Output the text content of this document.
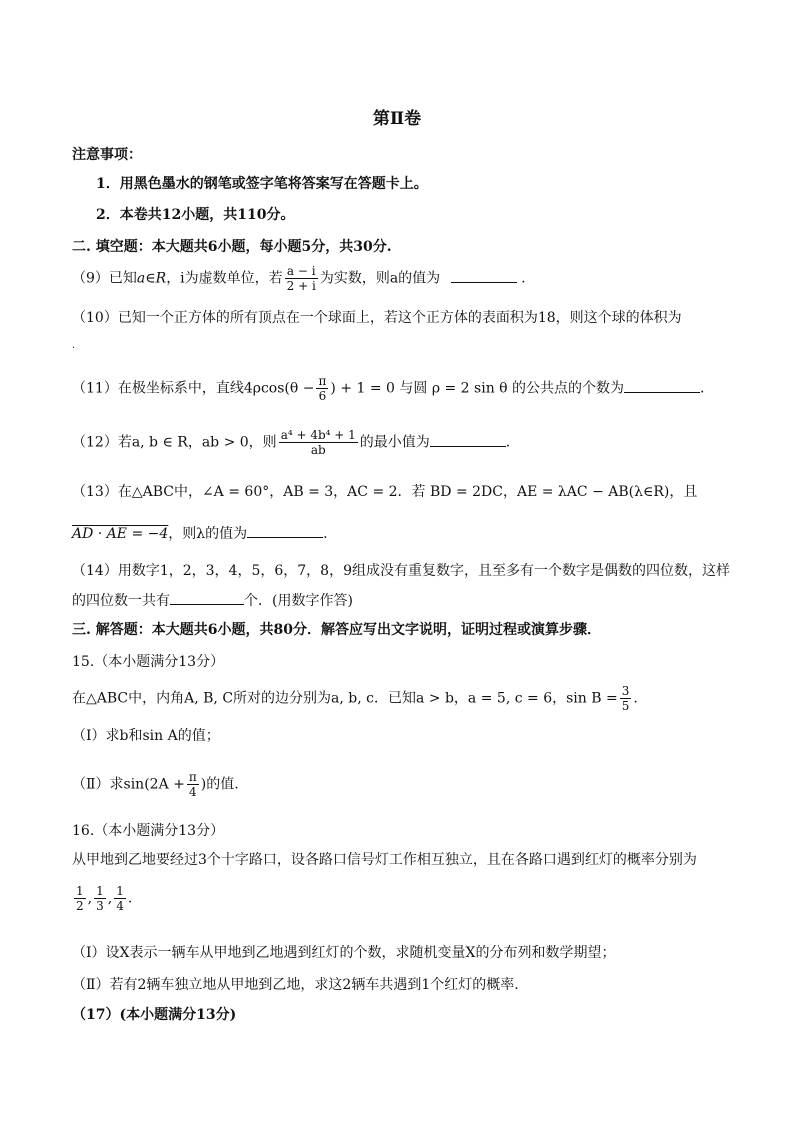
第Ⅱ卷
注意事项：
1．用黑色墨水的钢笔或签字笔将答案写在答题卡上。
2．本卷共12小题，共110分。
二. 填空题：本大题共6小题，每小题5分，共30分.
（9）已知a∈R，i为虚数单位，若 $\frac{a - i}{2 + i}$ 为实数，则a的值为	.
（10）已知一个正方体的所有顶点在一个球面上，若这个正方体的表面积为18，则这个球的体积为
.
（11）在极坐标系中，直线$4\rho\cos(\theta - \frac{\pi}{6}$ ) + 1 = 0 与圆 ρ = 2 sin θ 的公共点的个数为	.
（12）若a, b ∈ R，ab > 0，则 $\frac{\text{a⁴ + 4b⁴ + 1}}{ab}$ 的最小值为	.
（13）在△ABC中，∠A = 60°，AB = 3，AC = 2．若 BD = 2DC，AE = λAC − AB(λ∈R)，且
AD · AE = −4，则λ的值为	.
（14）用数字1，2，3，4，5，6，7，8，9组成没有重复数字，且至多有一个数字是偶数的四位数，这样
的四位数一共有	个．(用数字作答)
三. 解答题：本大题共6小题，共80分．解答应写出文字说明，证明过程或演算步骤．
15.（本小题满分13分）
在△ABC中，内角A, B, C所对的边分别为a, b, c．已知a > b，a = 5, c = 6，$\sin B = \frac{3}{5}$ .
（Ⅰ）求b和sin A的值；
（Ⅱ）求$\sin(2A + \frac{\pi}{4}$ )的值.
16.（本小题满分13分）
从甲地到乙地要经过3个十字路口，设各路口信号灯工作相互独立，且在各路口遇到红灯的概率分别为
$\frac{1}{2}$ , $\frac{1}{3}$ , $\frac{1}{4}$ .
（Ⅰ）设X表示一辆车从甲地到乙地遇到红灯的个数，求随机变量X的分布列和数学期望；
（Ⅱ）若有2辆车独立地从甲地到乙地，求这2辆车共遇到1个红灯的概率.
（17）(本小题满分13分)
